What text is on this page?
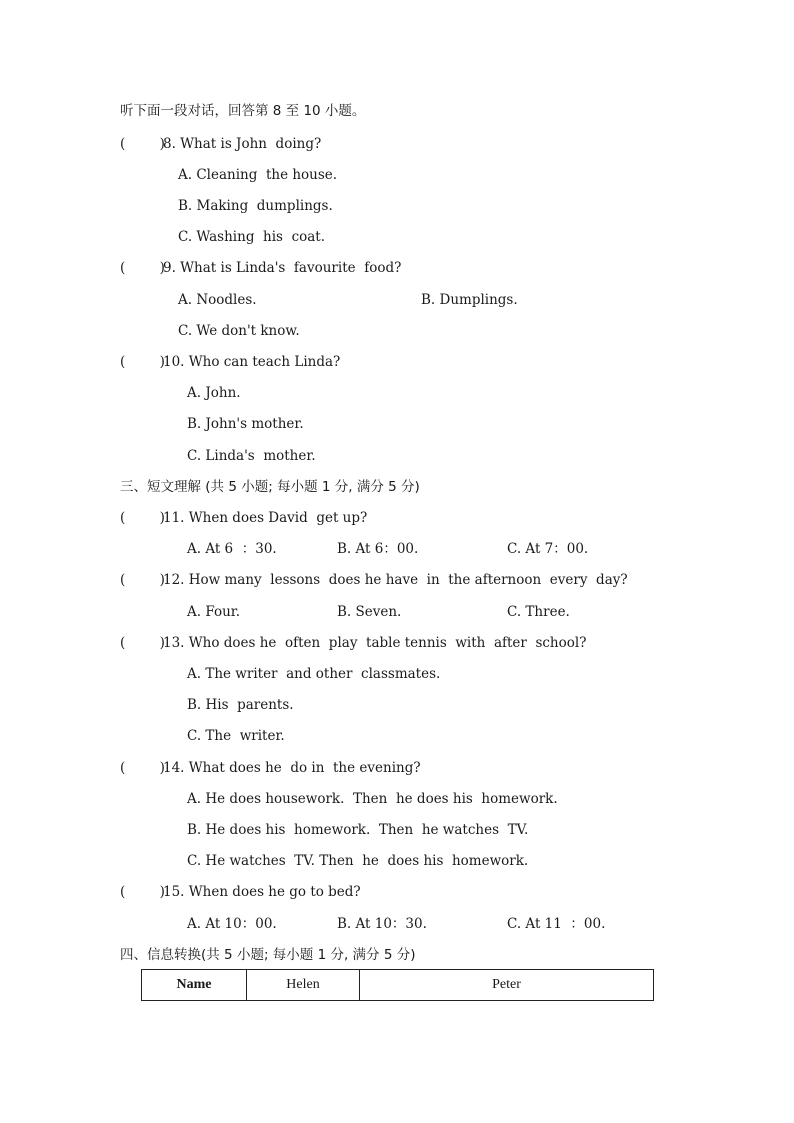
听下面一段对话，回答第 8 至 10 小题。
(        )
8. What is John  doing?
A. Cleaning  the house.
B. Making  dumplings.
C. Washing  his  coat.
(        )
9. What is Linda's  favourite  food?
A. Noodles.	B. Dumplings.
C. We don't know.
(        )
10. Who can teach Linda?
A. John.
B. John's mother.
C. Linda's  mother.
三、短文理解 (共 5 小题; 每小题 1 分, 满分 5 分)
(        )
11. When does David  get up?
A. At 6  ：30.	B. At 6：00.	C. At 7：00.
(        )
12. How many  lessons  does he have  in  the afternoon  every  day?
A. Four.	B. Seven.	C. Three.
(        )
13. Who does he  often  play  table tennis  with  after  school?
A. The writer  and other  classmates.
B. His  parents.
C. The  writer.
(        )
14. What does he  do in  the evening?
A. He does housework.  Then  he does his  homework.
B. He does his  homework.  Then  he watches  TV.
C. He watches  TV. Then  he  does his  homework.
(        )
15. When does he go to bed?
A. At 10：00.	B. At 10：30.	C. At 11  ：00.
四、信息转换(共 5 小题; 每小题 1 分, 满分 5 分)
Name	Helen	Peter
